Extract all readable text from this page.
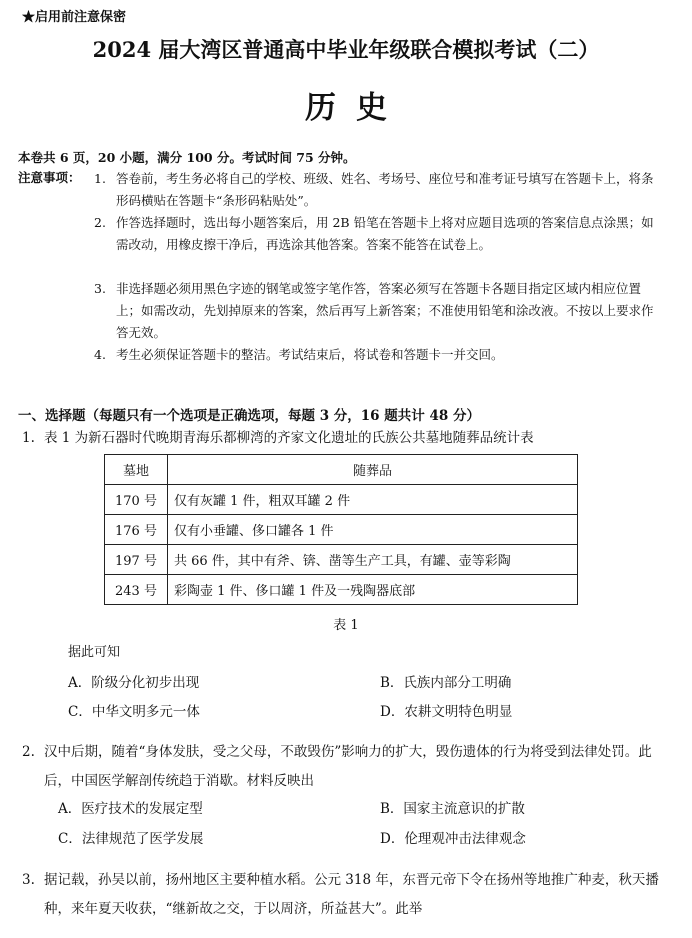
★启用前注意保密
2024 届大湾区普通高中毕业年级联合模拟考试（二）
历史
本卷共 6 页，20 小题，满分 100 分。考试时间 75 分钟。
注意事项： 1. 答卷前，考生务必将自己的学校、班级、姓名、考场号、座位号和准考证号填写在答题卡上，将条形码横贴在答题卡“条形码粘贴处”。
2. 作答选择题时，选出每小题答案后，用 2B 铅笔在答题卡上将对应题目选项的答案信息点涂黑；如需改动，用橡皮擦干净后，再选涂其他答案。答案不能答在试卷上。
3. 非选择题必须用黑色字迹的钢笔或签字笔作答，答案必须写在答题卡各题目指定区域内相应位置上；如需改动，先划掉原来的答案，然后再写上新答案；不准使用铅笔和涂改液。不按以上要求作答无效。
4. 考生必须保证答题卡的整洁。考试结束后，将试卷和答题卡一并交回。
一、选择题（每题只有一个选项是正确选项，每题 3 分，16 题共计 48 分）
1. 表 1 为新石器时代晚期青海乐都柳湾的齐家文化遗址的氏族公共墓地随葬品统计表
墓地	随葬品
170 号	仅有灰罐 1 件，粗双耳罐 2 件
176 号	仅有小垂罐、侈口罐各 1 件
197 号	共 66 件，其中有斧、锛、凿等生产工具，有罐、壶等彩陶
243 号	彩陶壶 1 件、侈口罐 1 件及一残陶器底部
表 1
据此可知
A．阶级分化初步出现	B．氏族内部分工明确
C．中华文明多元一体	D．农耕文明特色明显
2. 汉中后期，随着“身体发肤，受之父母，不敢毁伤”影响力的扩大，毁伤遗体的行为将受到法律处罚。此后，中国医学解剖传统趋于消歇。材料反映出
A．医疗技术的发展定型	B．国家主流意识的扩散
C．法律规范了医学发展	D．伦理观冲击法律观念
3. 据记载，孙吴以前，扬州地区主要种植水稻。公元 318 年，东晋元帝下令在扬州等地推广种麦，秋天播种，来年夏天收获，“继新故之交，于以周济，所益甚大”。此举
